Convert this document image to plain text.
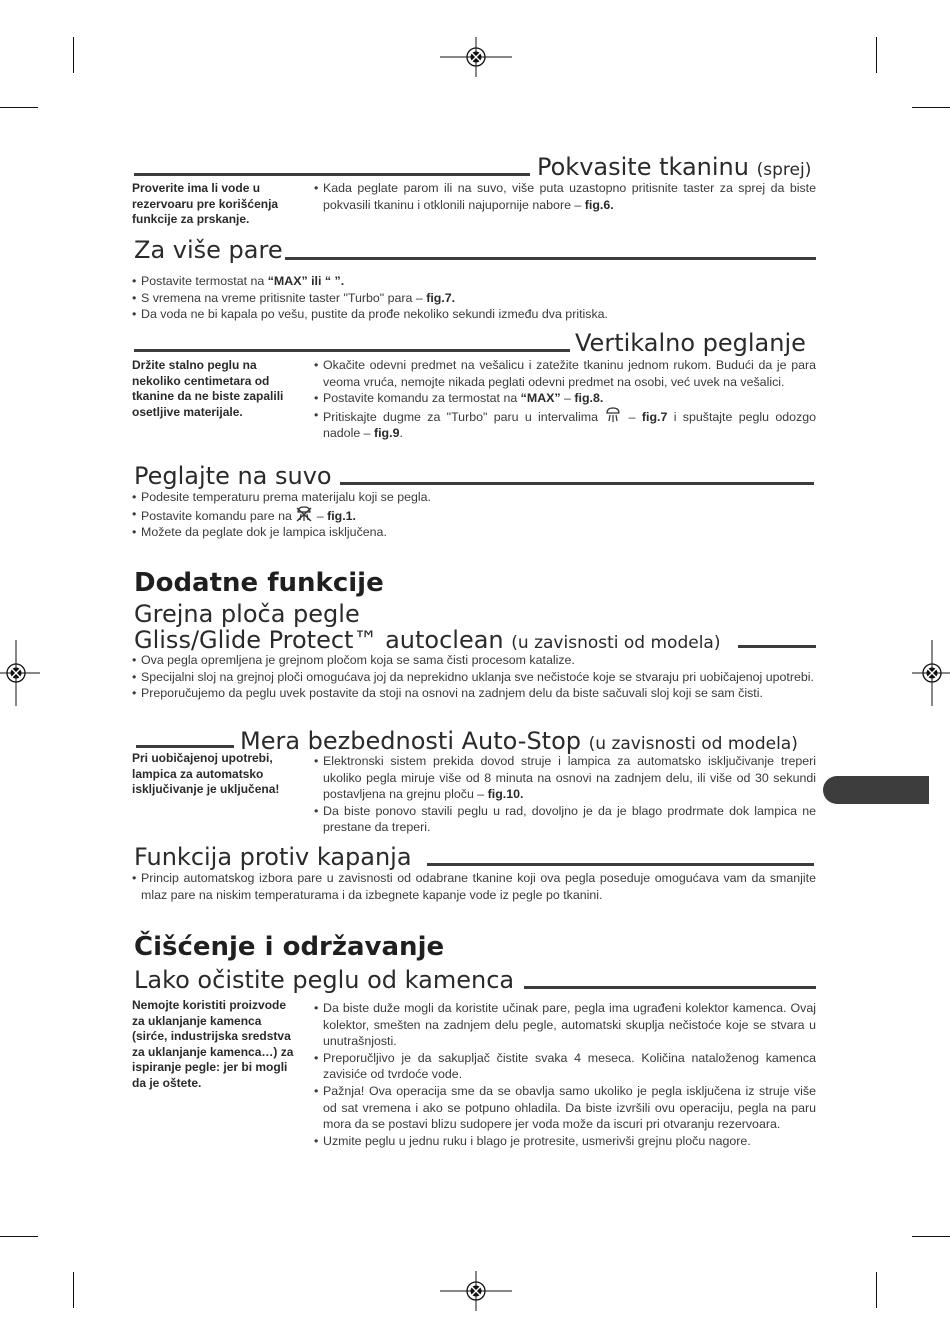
Pokvasite tkaninu (sprej)
Proverite ima li vode u rezervoaru pre korišćenja funkcije za prskanje.
• Kada peglate parom ili na suvo, više puta uzastopno pritisnite taster za sprej da biste pokvasili tkaninu i otklonili najupornije nabore – fig.6.
Za više pare
• Postavite termostat na “MAX” ili “ ”.
• S vremena na vreme pritisnite taster "Turbo" para – fig.7.
• Da voda ne bi kapala po vešu, pustite da prođe nekoliko sekundi između dva pritiska.
Vertikalno peglanje
Držite stalno peglu na nekoliko centimetara od tkanine da ne biste zapalili osetljive materijale.
• Okačite odevni predmet na vešalicu i zatežite tkaninu jednom rukom. Budući da je para veoma vruća, nemojte nikada peglati odevni predmet na osobi, već uvek na vešalici.
• Postavite komandu za termostat na “MAX” – fig.8.
• Pritiskajte dugme za "Turbo" paru u intervalima  – fig.7 i spuštajte peglu odozgo nadole – fig.9.
Peglajte na suvo
• Podesite temperaturu prema materijalu koji se pegla.
• Postavite komandu pare na  – fig.1.
• Možete da peglate dok je lampica isključena.
Dodatne funkcije
Grejna ploča pegle
Gliss/Glide Protect™ autoclean (u zavisnosti od modela)
• Ova pegla opremljena je grejnom pločom koja se sama čisti procesom katalize.
• Specijalni sloj na grejnoj ploči omogućava joj da neprekidno uklanja sve nečistoće koje se stvaraju pri uobičajenoj upotrebi.
• Preporučujemo da peglu uvek postavite da stoji na osnovi na zadnjem delu da biste sačuvali sloj koji se sam čisti.
Mera bezbednosti Auto-Stop (u zavisnosti od modela)
Pri uobičajenoj upotrebi, lampica za automatsko isključivanje je uključena!
• Elektronski sistem prekida dovod struje i lampica za automatsko isključivanje treperi ukoliko pegla miruje više od 8 minuta na osnovi na zadnjem delu, ili više od 30 sekundi postavljena na grejnu ploču – fig.10.
• Da biste ponovo stavili peglu u rad, dovoljno je da je blago prodrmate dok lampica ne prestane da treperi.
Funkcija protiv kapanja
• Princip automatskog izbora pare u zavisnosti od odabrane tkanine koji ova pegla poseduje omogućava vam da smanjite mlaz pare na niskim temperaturama i da izbegnete kapanje vode iz pegle po tkanini.
Čišćenje i održavanje
Lako očistite peglu od kamenca
Nemojte koristiti proizvode za uklanjanje kamenca (sirće, industrijska sredstva za uklanjanje kamenca…) za ispiranje pegle: jer bi mogli da je oštete.
• Da biste duže mogli da koristite učinak pare, pegla ima ugrađeni kolektor kamenca. Ovaj kolektor, smešten na zadnjem delu pegle, automatski skuplja nečistoće koje se stvara u unutrašnjosti.
• Preporučljivo je da sakupljač čistite svaka 4 meseca. Količina nataloženog kamenca zavisiće od tvrdoće vode.
• Pažnja! Ova operacija sme da se obavlja samo ukoliko je pegla isključena iz struje više od sat vremena i ako se potpuno ohladila. Da biste izvršili ovu operaciju, pegla na paru mora da se postavi blizu sudopere jer voda može da iscuri pri otvaranju rezervoara.
• Uzmite peglu u jednu ruku i blago je protresite, usmerivši grejnu ploču nagore.
